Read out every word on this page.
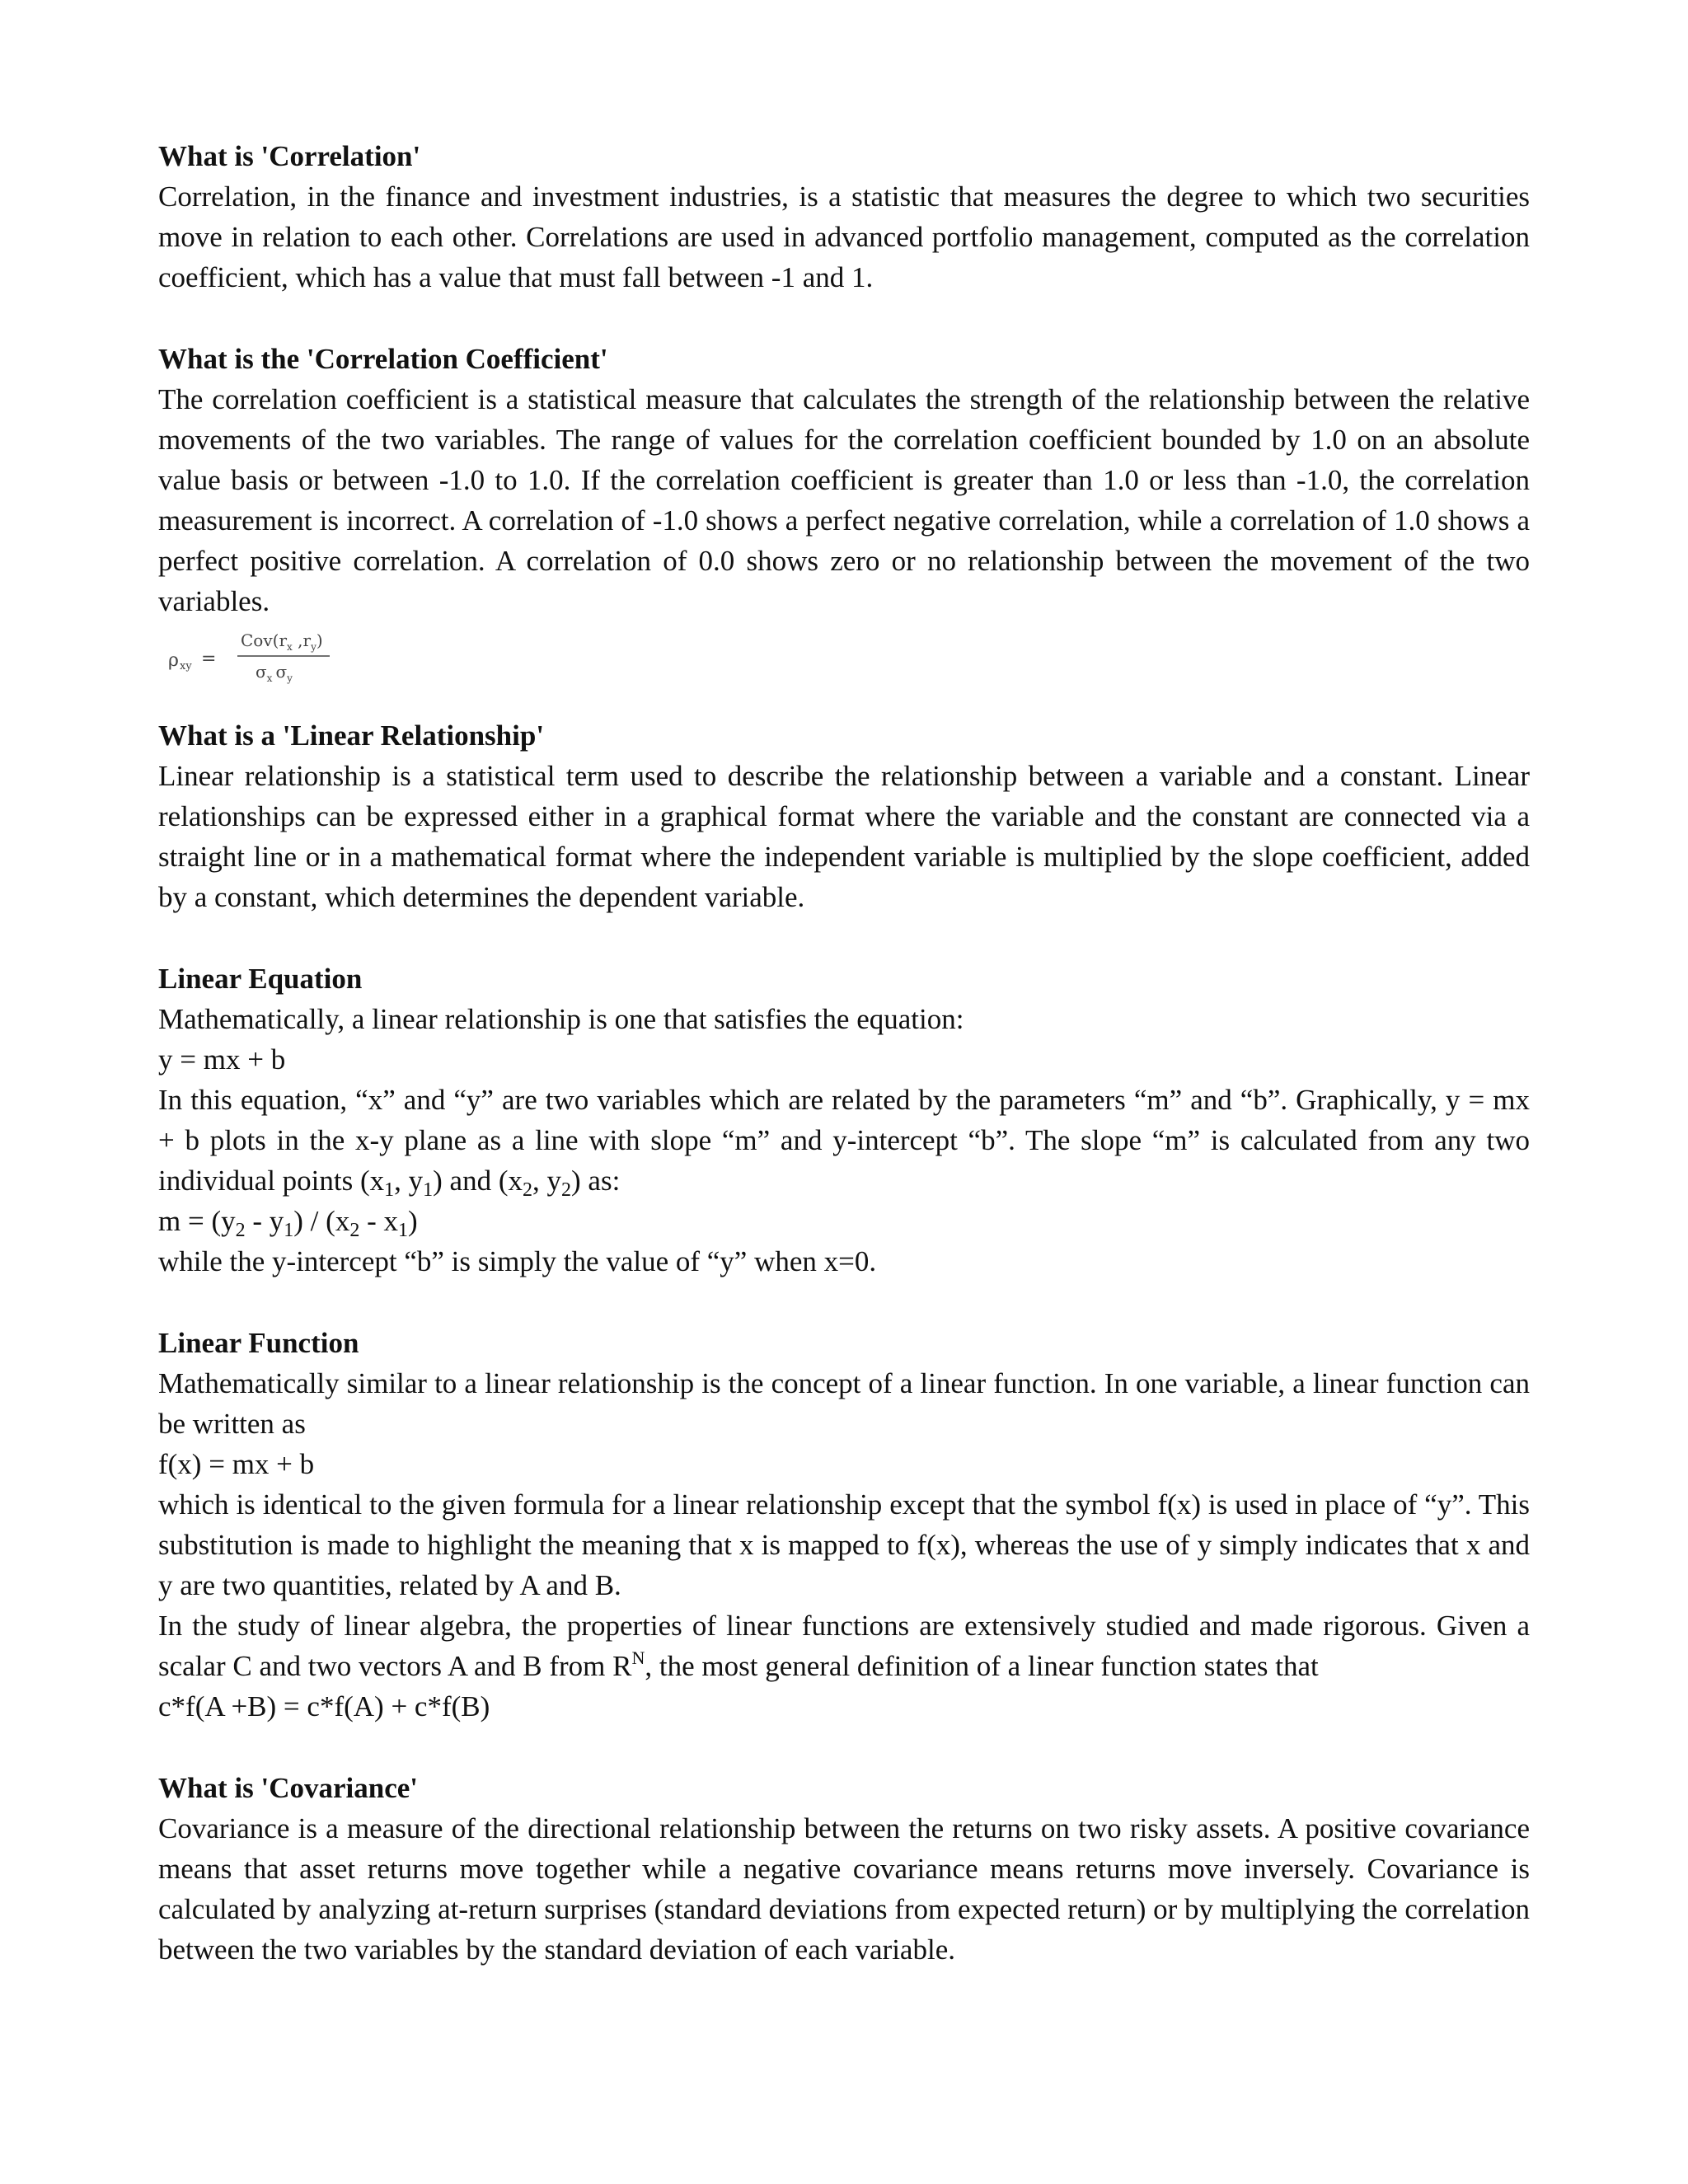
What is 'Correlation'

Correlation, in the finance and investment industries, is a statistic that measures the degree to which two securities move in relation to each other. Correlations are used in advanced portfolio management, computed as the correlation coefficient, which has a value that must fall between -1 and 1.

What is the 'Correlation Coefficient'

The correlation coefficient is a statistical measure that calculates the strength of the relationship between the relative movements of the two variables. The range of values for the correlation coefficient bounded by 1.0 on an absolute value basis or between -1.0 to 1.0. If the correlation coefficient is greater than 1.0 or less than -1.0, the correlation measurement is incorrect. A correlation of -1.0 shows a perfect negative correlation, while a correlation of 1.0 shows a perfect positive correlation. A correlation of 0.0 shows zero or no relationship between the movement of the two variables.

ρ xy =
$Cov(r_x$ $,r_y$)
$\sigma_x$ $\sigma_y$
What is a 'Linear Relationship'

Linear relationship is a statistical term used to describe the relationship between a variable and a constant. Linear relationships can be expressed either in a graphical format where the variable and the constant are connected via a straight line or in a mathematical format where the independent variable is multiplied by the slope coefficient, added by a constant, which determines the dependent variable.

Linear Equation

Mathematically, a linear relationship is one that satisfies the equation:

y = mx + b

In this equation, “x” and “y” are two variables which are related by the parameters “m” and “b”. Graphically, y = mx + b plots in the x-y plane as a line with slope “m” and y-intercept “b”. The slope “m” is calculated from any two individual points ($x_1$, $y_1$) and ($x_2$, $y_2$) as:

$m = (y_2 - y_1) / (x_2 - x_1)$

while the y-intercept “b” is simply the value of “y” when x=0.

Linear Function

Mathematically similar to a linear relationship is the concept of a linear function. In one variable, a linear function can be written as

f(x) = mx + b

which is identical to the given formula for a linear relationship except that the symbol f(x) is used in place of “y”. This substitution is made to highlight the meaning that x is mapped to f(x), whereas the use of y simply indicates that x and y are two quantities, related by A and B.

In the study of linear algebra, the properties of linear functions are extensively studied and made rigorous. Given a scalar C and two vectors A and B from $R^N$, the most general definition of a linear function states that

c*f(A +B) = c*f(A) + c*f(B)

What is 'Covariance'

Covariance is a measure of the directional relationship between the returns on two risky assets. A positive covariance means that asset returns move together while a negative covariance means returns move inversely. Covariance is calculated by analyzing at-return surprises (standard deviations from expected return) or by multiplying the correlation between the two variables by the standard deviation of each variable.
